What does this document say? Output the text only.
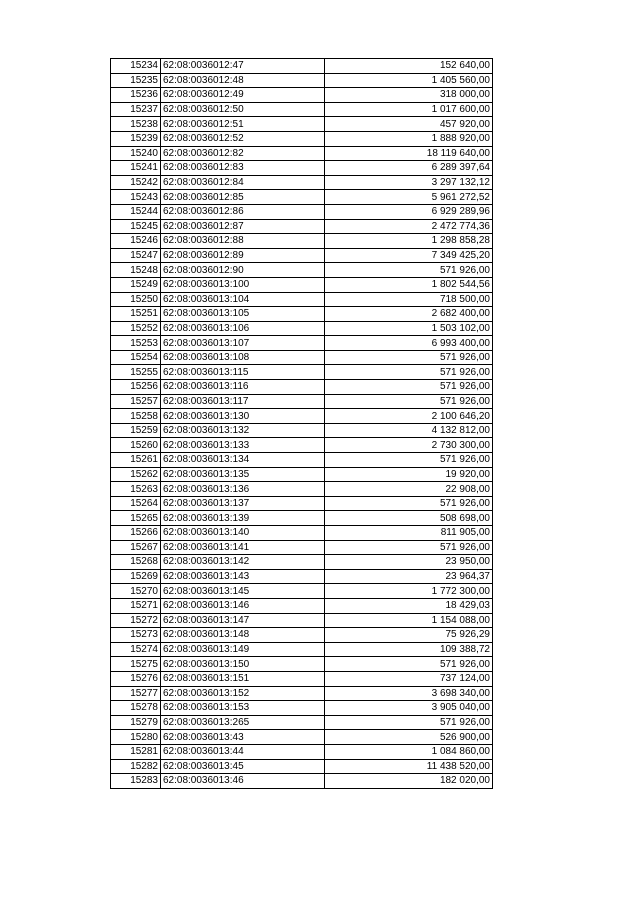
15234	62:08:0036012:47	152 640,00
15235	62:08:0036012:48	1 405 560,00
15236	62:08:0036012:49	318 000,00
15237	62:08:0036012:50	1 017 600,00
15238	62:08:0036012:51	457 920,00
15239	62:08:0036012:52	1 888 920,00
15240	62:08:0036012:82	18 119 640,00
15241	62:08:0036012:83	6 289 397,64
15242	62:08:0036012:84	3 297 132,12
15243	62:08:0036012:85	5 961 272,52
15244	62:08:0036012:86	6 929 289,96
15245	62:08:0036012:87	2 472 774,36
15246	62:08:0036012:88	1 298 858,28
15247	62:08:0036012:89	7 349 425,20
15248	62:08:0036012:90	571 926,00
15249	62:08:0036013:100	1 802 544,56
15250	62:08:0036013:104	718 500,00
15251	62:08:0036013:105	2 682 400,00
15252	62:08:0036013:106	1 503 102,00
15253	62:08:0036013:107	6 993 400,00
15254	62:08:0036013:108	571 926,00
15255	62:08:0036013:115	571 926,00
15256	62:08:0036013:116	571 926,00
15257	62:08:0036013:117	571 926,00
15258	62:08:0036013:130	2 100 646,20
15259	62:08:0036013:132	4 132 812,00
15260	62:08:0036013:133	2 730 300,00
15261	62:08:0036013:134	571 926,00
15262	62:08:0036013:135	19 920,00
15263	62:08:0036013:136	22 908,00
15264	62:08:0036013:137	571 926,00
15265	62:08:0036013:139	508 698,00
15266	62:08:0036013:140	811 905,00
15267	62:08:0036013:141	571 926,00
15268	62:08:0036013:142	23 950,00
15269	62:08:0036013:143	23 964,37
15270	62:08:0036013:145	1 772 300,00
15271	62:08:0036013:146	18 429,03
15272	62:08:0036013:147	1 154 088,00
15273	62:08:0036013:148	75 926,29
15274	62:08:0036013:149	109 388,72
15275	62:08:0036013:150	571 926,00
15276	62:08:0036013:151	737 124,00
15277	62:08:0036013:152	3 698 340,00
15278	62:08:0036013:153	3 905 040,00
15279	62:08:0036013:265	571 926,00
15280	62:08:0036013:43	526 900,00
15281	62:08:0036013:44	1 084 860,00
15282	62:08:0036013:45	11 438 520,00
15283	62:08:0036013:46	182 020,00
